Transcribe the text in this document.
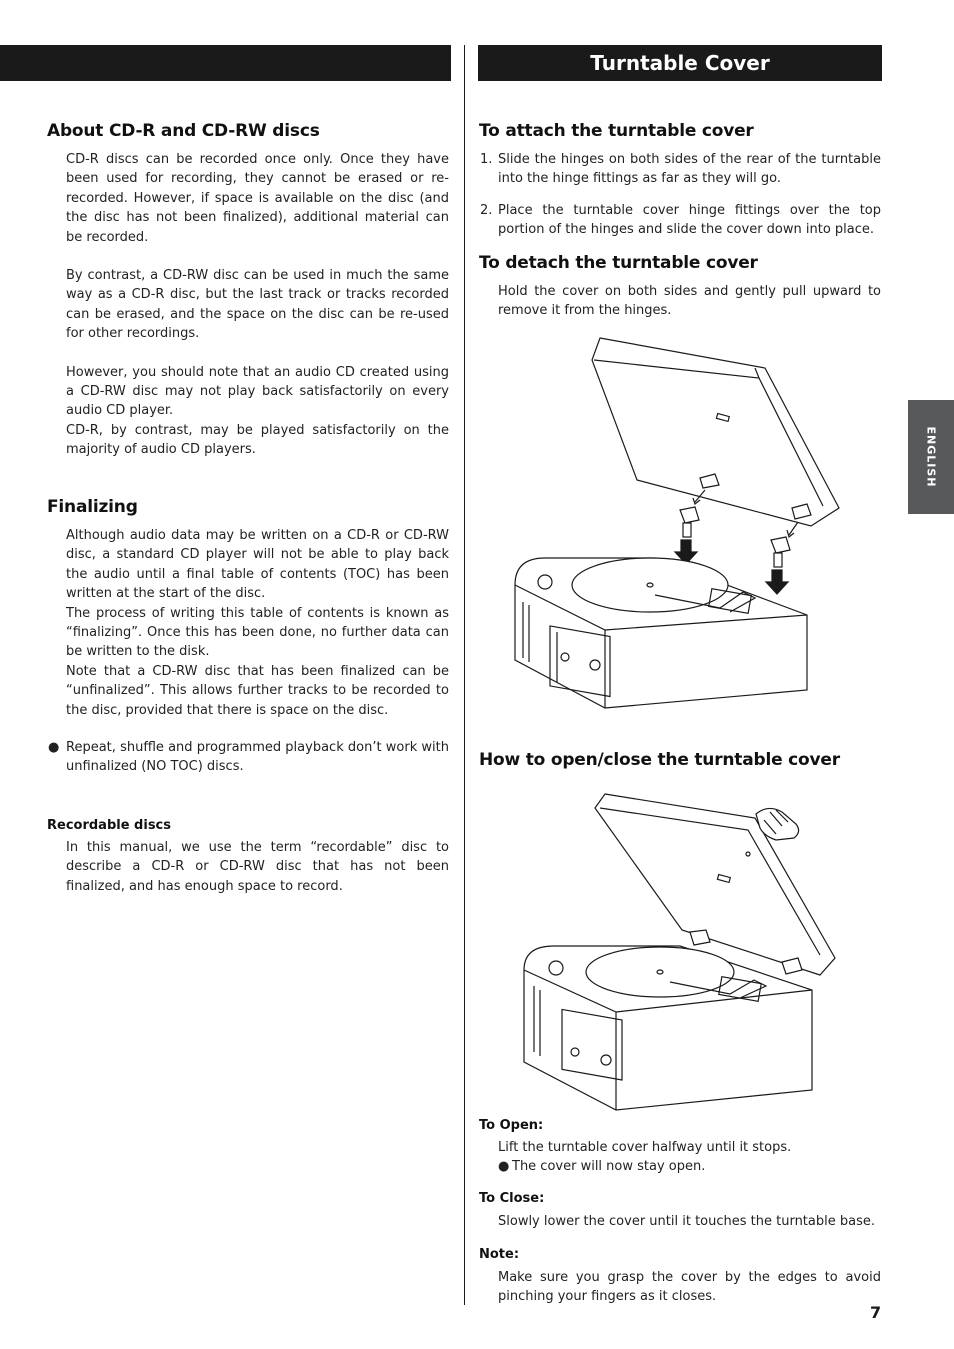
Turntable Cover
ENGLISH
About CD-R and CD-RW discs

CD-R discs can be recorded once only. Once they have been used for recording, they cannot be erased or re-recorded. However, if space is available on the disc (and the disc has not been finalized), additional material can be recorded.

By contrast, a CD-RW disc can be used in much the same way as a CD-R disc, but the last track or tracks recorded can be erased, and the space on the disc can be re-used for other recordings.

However, you should note that an audio CD created using a CD-RW disc may not play back satisfactorily on every audio CD player.

CD-R, by contrast, may be played satisfactorily on the majority of audio CD players.

Finalizing

Although audio data may be written on a CD-R or CD-RW disc, a standard CD player will not be able to play back the audio until a final table of contents (TOC) has been written at the start of the disc.

The process of writing this table of contents is known as “finalizing”. Once this has been done, no further data can be written to the disk.

Note that a CD-RW disc that has been finalized can be “unfinalized”. This allows further tracks to be recorded to the disc, provided that there is space on the disc.

● Repeat, shuffle and programmed playback don’t work with unfinalized (NO TOC) discs.
Recordable discs

In this manual, we use the term “recordable” disc to describe a CD-R or CD-RW disc that has not been finalized, and has enough space to record.

To attach the turntable cover
1. Slide the hinges on both sides of the rear of the turntable into the hinge fittings as far as they will go.
2. Place the turntable cover hinge fittings over the top portion of the hinges and slide the cover down into place.
To detach the turntable cover

Hold the cover on both sides and gently pull upward to remove it from the hinges.

How to open/close the turntable cover
To Open:
Lift the turntable cover halfway until it stops.
● The cover will now stay open.
To Close:
Slowly lower the cover until it touches the turntable base.
Note:
Make sure you grasp the cover by the edges to avoid pinching your fingers as it closes.
7
